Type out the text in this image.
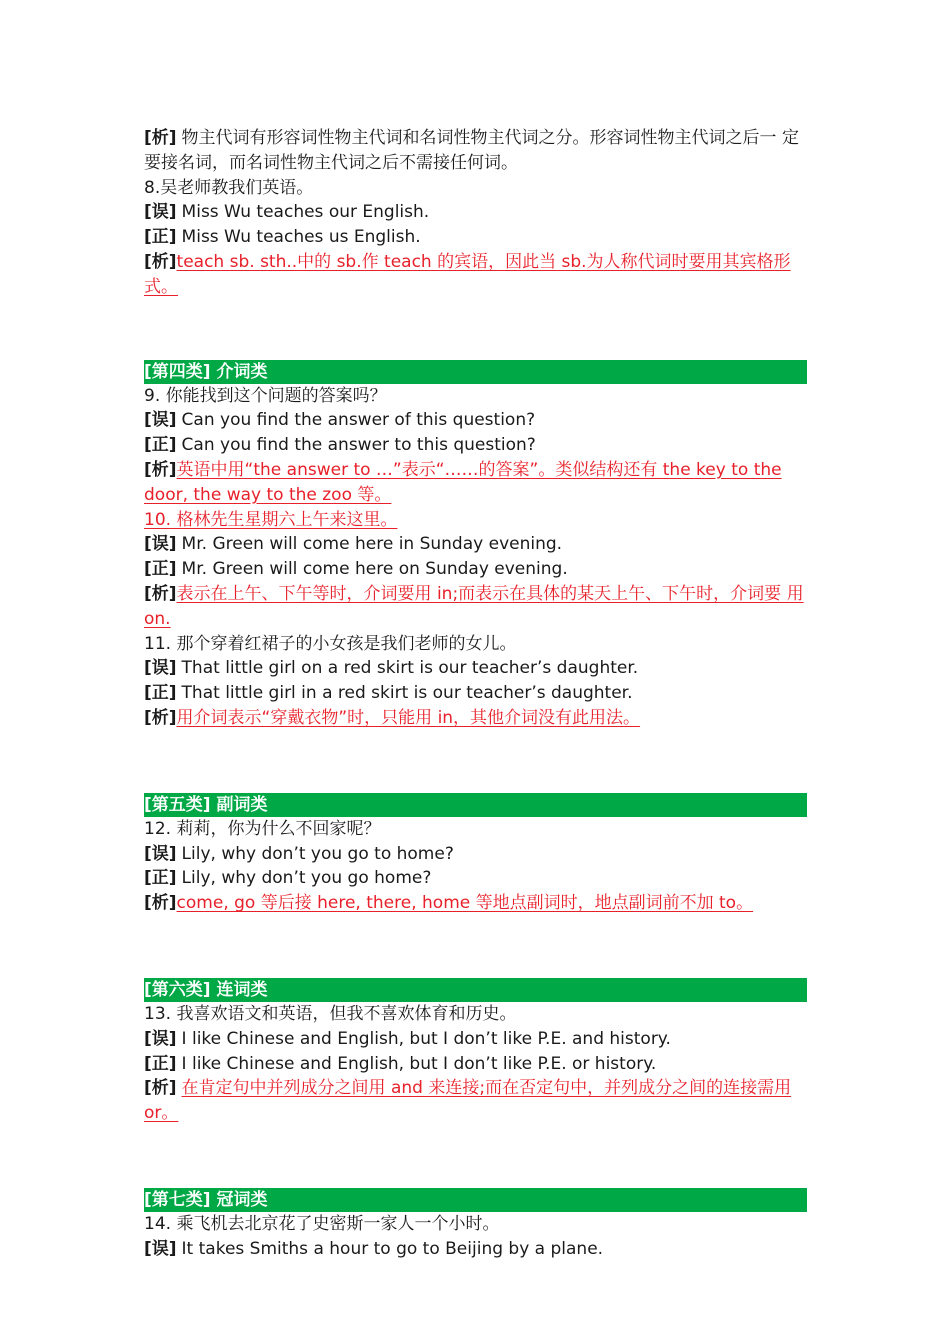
[析] 物主代词有形容词性物主代词和名词性物主代词之分。形容词性物主代词之后一 定要接名词，而名词性物主代词之后不需接任何词。
8.吴老师教我们英语。
[误] Miss Wu teaches our English.
[正] Miss Wu teaches us English.
[析]teach sb. sth..中的 sb.作 teach 的宾语，因此当 sb.为人称代词时要用其宾格形式。
[第四类] 介词类
9. 你能找到这个问题的答案吗？
[误] Can you find the answer of this question?
[正] Can you find the answer to this question?
[析]英语中用“the answer to …”表示“……的答案”。类似结构还有 the key to the door, the way to the zoo 等。
10. 格林先生星期六上午来这里。
[误] Mr. Green will come here in Sunday evening.
[正] Mr. Green will come here on Sunday evening.
[析]表示在上午、下午等时，介词要用 in;而表示在具体的某天上午、下午时，介词要 用 on.
11. 那个穿着红裙子的小女孩是我们老师的女儿。
[误] That little girl on a red skirt is our teacher’s daughter.
[正] That little girl in a red skirt is our teacher’s daughter.
[析]用介词表示“穿戴衣物”时，只能用 in，其他介词没有此用法。
[第五类] 副词类
12. 莉莉，你为什么不回家呢？
[误] Lily, why don’t you go to home?
[正] Lily, why don’t you go home?
[析]come, go 等后接 here, there, home 等地点副词时，地点副词前不加 to。
[第六类] 连词类
13. 我喜欢语文和英语，但我不喜欢体育和历史。
[误] I like Chinese and English, but I don’t like P.E. and history.
[正] I like Chinese and English, but I don’t like P.E. or history.
[析] 在肯定句中并列成分之间用 and 来连接;而在否定句中，并列成分之间的连接需用 or。
[第七类] 冠词类
14. 乘飞机去北京花了史密斯一家人一个小时。
[误] It takes Smiths a hour to go to Beijing by a plane.
